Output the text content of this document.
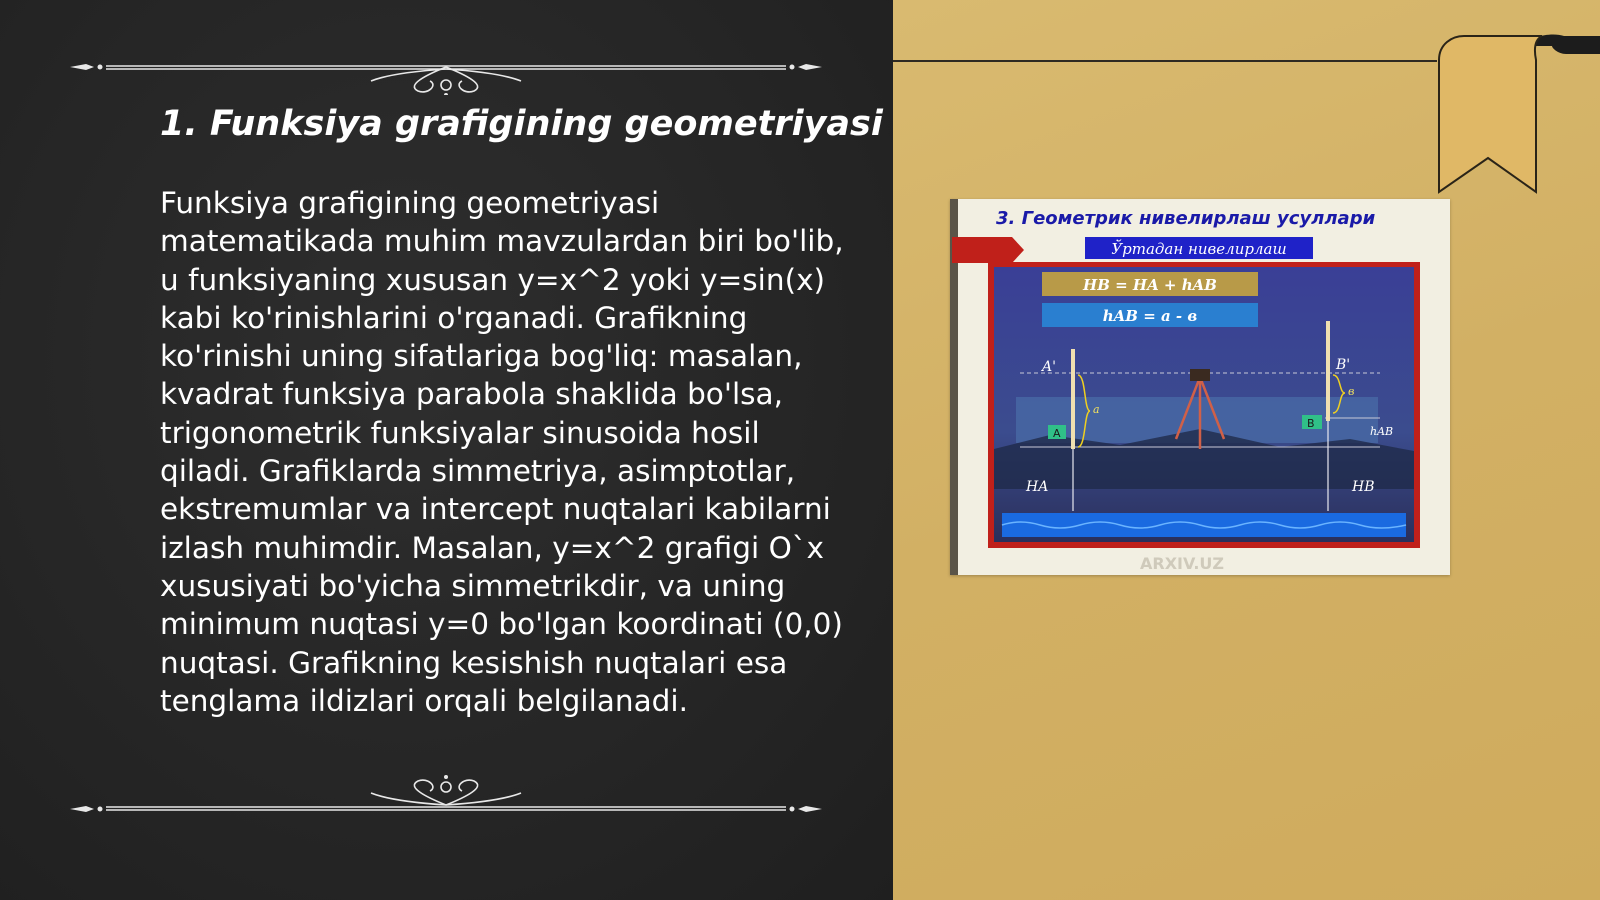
1. Funksiya grafigining geometriyasi

Funksiya grafigining geometriyasi matematikada muhim mavzulardan biri bo'lib, u funksiyaning xususan y=x^2 yoki y=sin(x) kabi ko'rinishlarini o'rganadi. Grafikning ko'rinishi uning sifatlariga bog'liq: masalan, kvadrat funksiya parabola shaklida bo'lsa, trigonometrik funksiyalar sinusoida hosil qiladi. Grafiklarda simmetriya, asimptotlar, ekstremumlar va intercept nuqtalari kabilarni izlash muhimdir. Masalan, y=x^2 grafigi O`x xususiyati bo'yicha simmetrikdir, va uning minimum nuqtasi y=0 bo'lgan koordinati (0,0) nuqtasi. Grafikning kesishish nuqtalari esa tenglama ildizlari orqali belgilanadi.

3. Геометрик нивелирлаш усуллари
Ўртадан нивелирлаш
HB = HA + hAB
hAB = a - в
A'	B'
a
в
A
B
HA	HB
hAB
ARXIV.UZ
